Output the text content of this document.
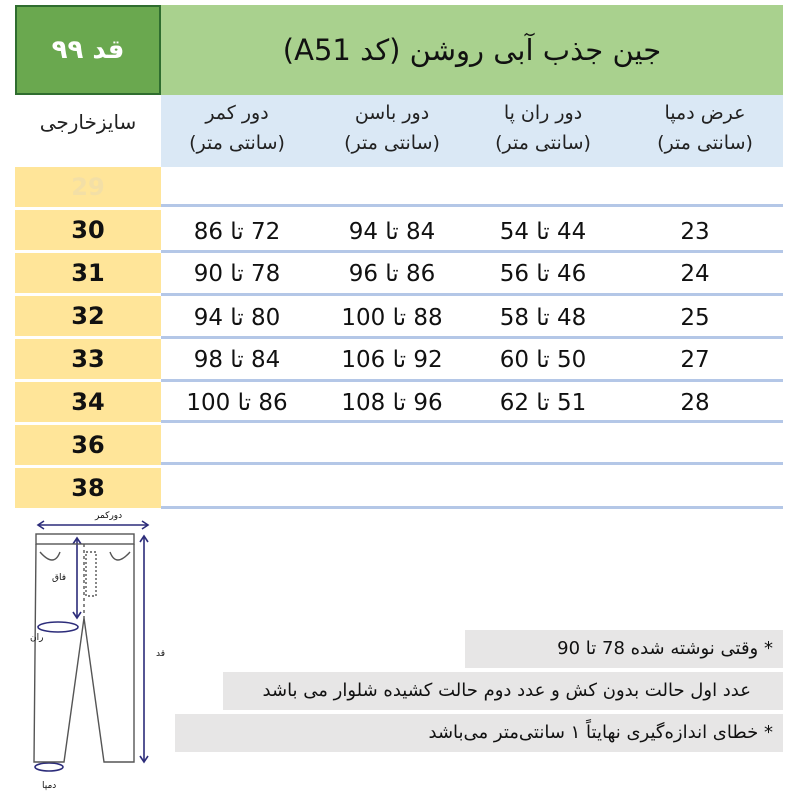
قد ۹۹	جین جذب آبی روشن (کد A51)
سایزخارجی	عرض دمپا
(سانتی متر)
دور ران پا
(سانتی متر)
دور باسن
(سانتی متر)
دور کمر
(سانتی متر)
29
30
31
32
33
34
36
38
23
44 تا 54
84 تا 94
72 تا 86
24
46 تا 56
86 تا 96
78 تا 90
25
48 تا 58
88 تا 100
80 تا 94
27
50 تا 60
92 تا 106
84 تا 98
28
51 تا 62
96 تا 108
86 تا 100
دورکمر
فاق
ران
قد
دمپا
* وقتی نوشته شده 78 تا 90
عدد اول حالت بدون کش و عدد دوم حالت کشیده شلوار می باشد
* خطای اندازه‌گیری نهایتاً ۱ سانتی‌متر می‌باشد
